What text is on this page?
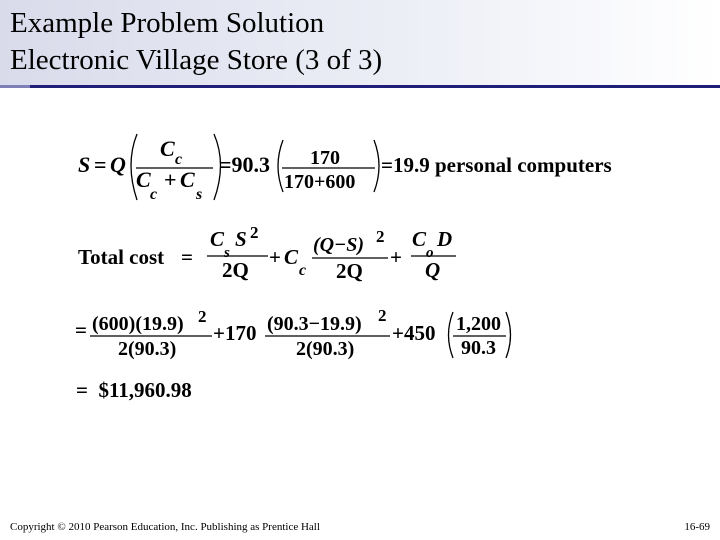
Example Problem Solution
Electronic Village Store (3 of 3)
S = Q
C c
C
c
+ C
s
=90.3 170
170+600
=19.9 personal computers
Total cost =
C
s
S 2
2Q
+ C
c
(Q−S) 2
2Q
+
C
o
D
Q
= (600)(19.9) 2
2(90.3)
+170 (90.3−19.9) 2
2(90.3)
+450 1,200
90.3
=  $11,960.98
Copyright © 2010 Pearson Education, Inc. Publishing as Prentice Hall	16-69
